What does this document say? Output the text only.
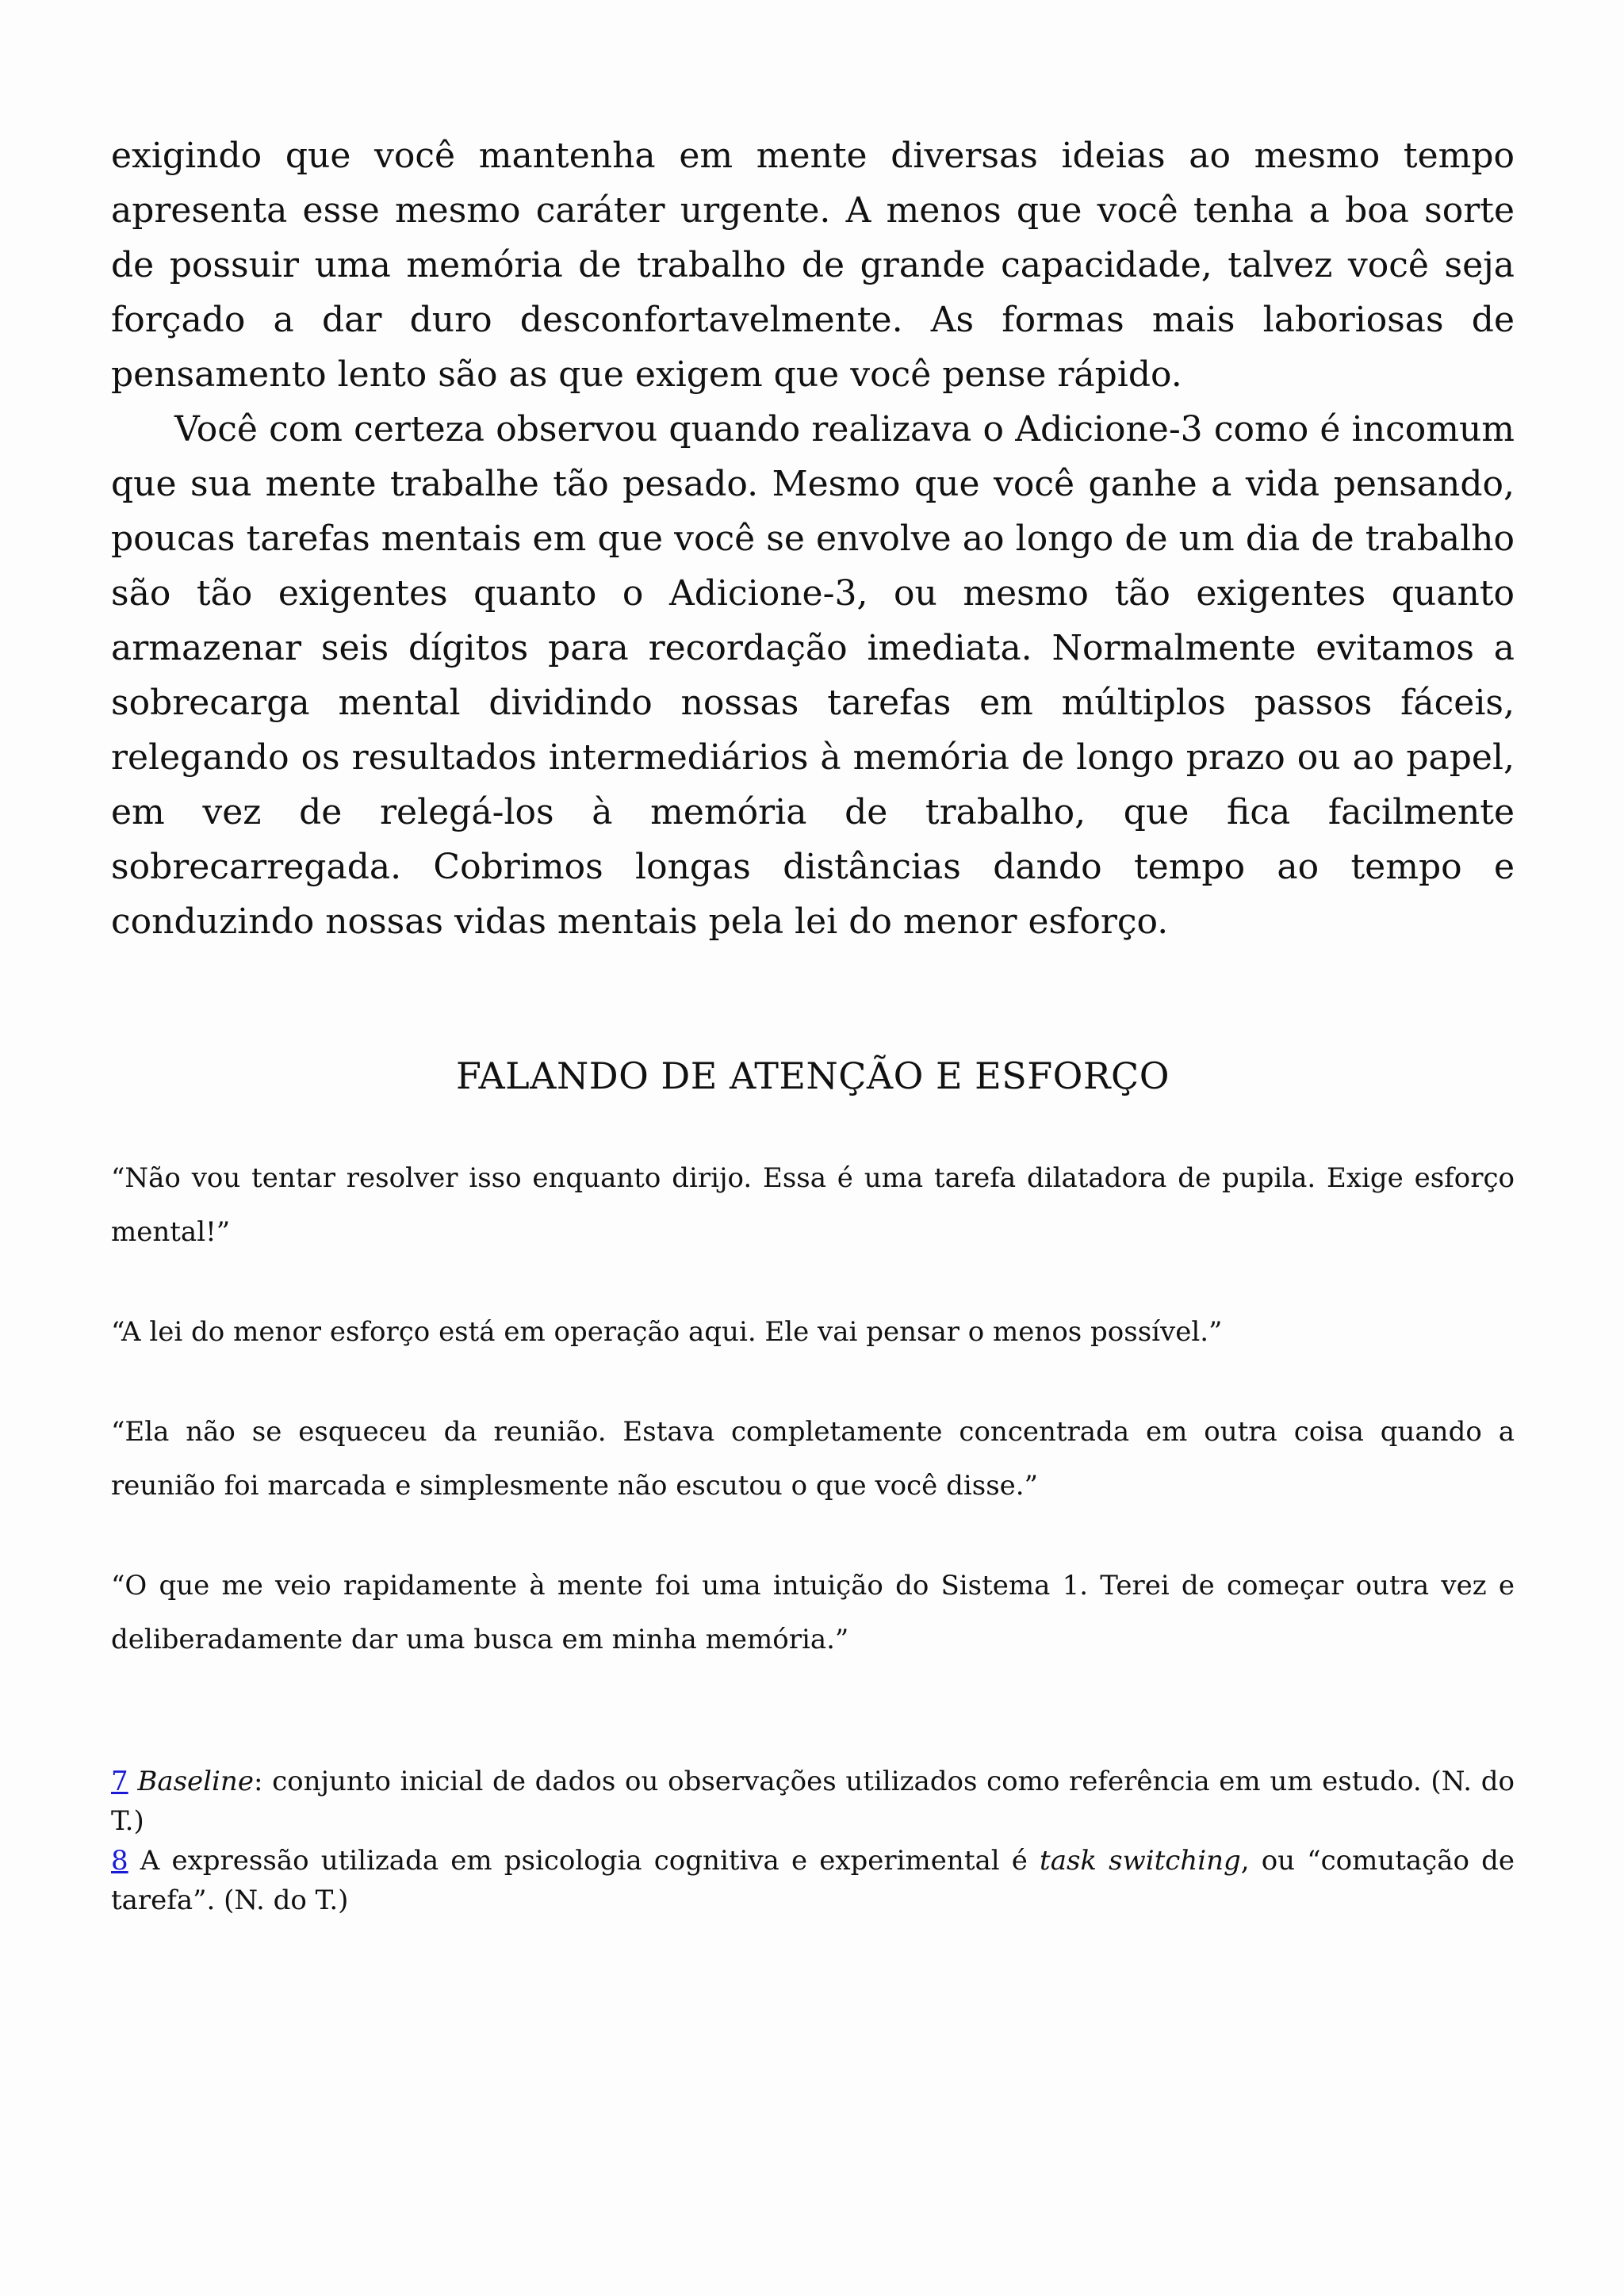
exigindo que você mantenha em mente diversas ideias ao mesmo tempo apresenta esse mesmo caráter urgente. A menos que você tenha a boa sorte de possuir uma memória de trabalho de grande capacidade, talvez você seja forçado a dar duro desconfortavelmente. As formas mais laboriosas de pensamento lento são as que exigem que você pense rápido.

Você com certeza observou quando realizava o Adicione-3 como é incomum que sua mente trabalhe tão pesado. Mesmo que você ganhe a vida pensando, poucas tarefas mentais em que você se envolve ao longo de um dia de trabalho são tão exigentes quanto o Adicione-3, ou mesmo tão exigentes quanto armazenar seis dígitos para recordação imediata. Normalmente evitamos a sobrecarga mental dividindo nossas tarefas em múltiplos passos fáceis, relegando os resultados intermediários à memória de longo prazo ou ao papel, em vez de relegá-los à memória de trabalho, que fica facilmente sobrecarregada. Cobrimos longas distâncias dando tempo ao tempo e conduzindo nossas vidas mentais pela lei do menor esforço.

FALANDO DE ATENÇÃO E ESFORÇO

“Não vou tentar resolver isso enquanto dirijo. Essa é uma tarefa dilatadora de pupila. Exige esforço mental!”

“A lei do menor esforço está em operação aqui. Ele vai pensar o menos possível.”

“Ela não se esqueceu da reunião. Estava completamente concentrada em outra coisa quando a reunião foi marcada e simplesmente não escutou o que você disse.”

“O que me veio rapidamente à mente foi uma intuição do Sistema 1. Terei de começar outra vez e deliberadamente dar uma busca em minha memória.”

7 Baseline: conjunto inicial de dados ou observações utilizados como referência em um estudo. (N. do T.)

8 A expressão utilizada em psicologia cognitiva e experimental é task switching, ou “comutação de tarefa”. (N. do T.)
